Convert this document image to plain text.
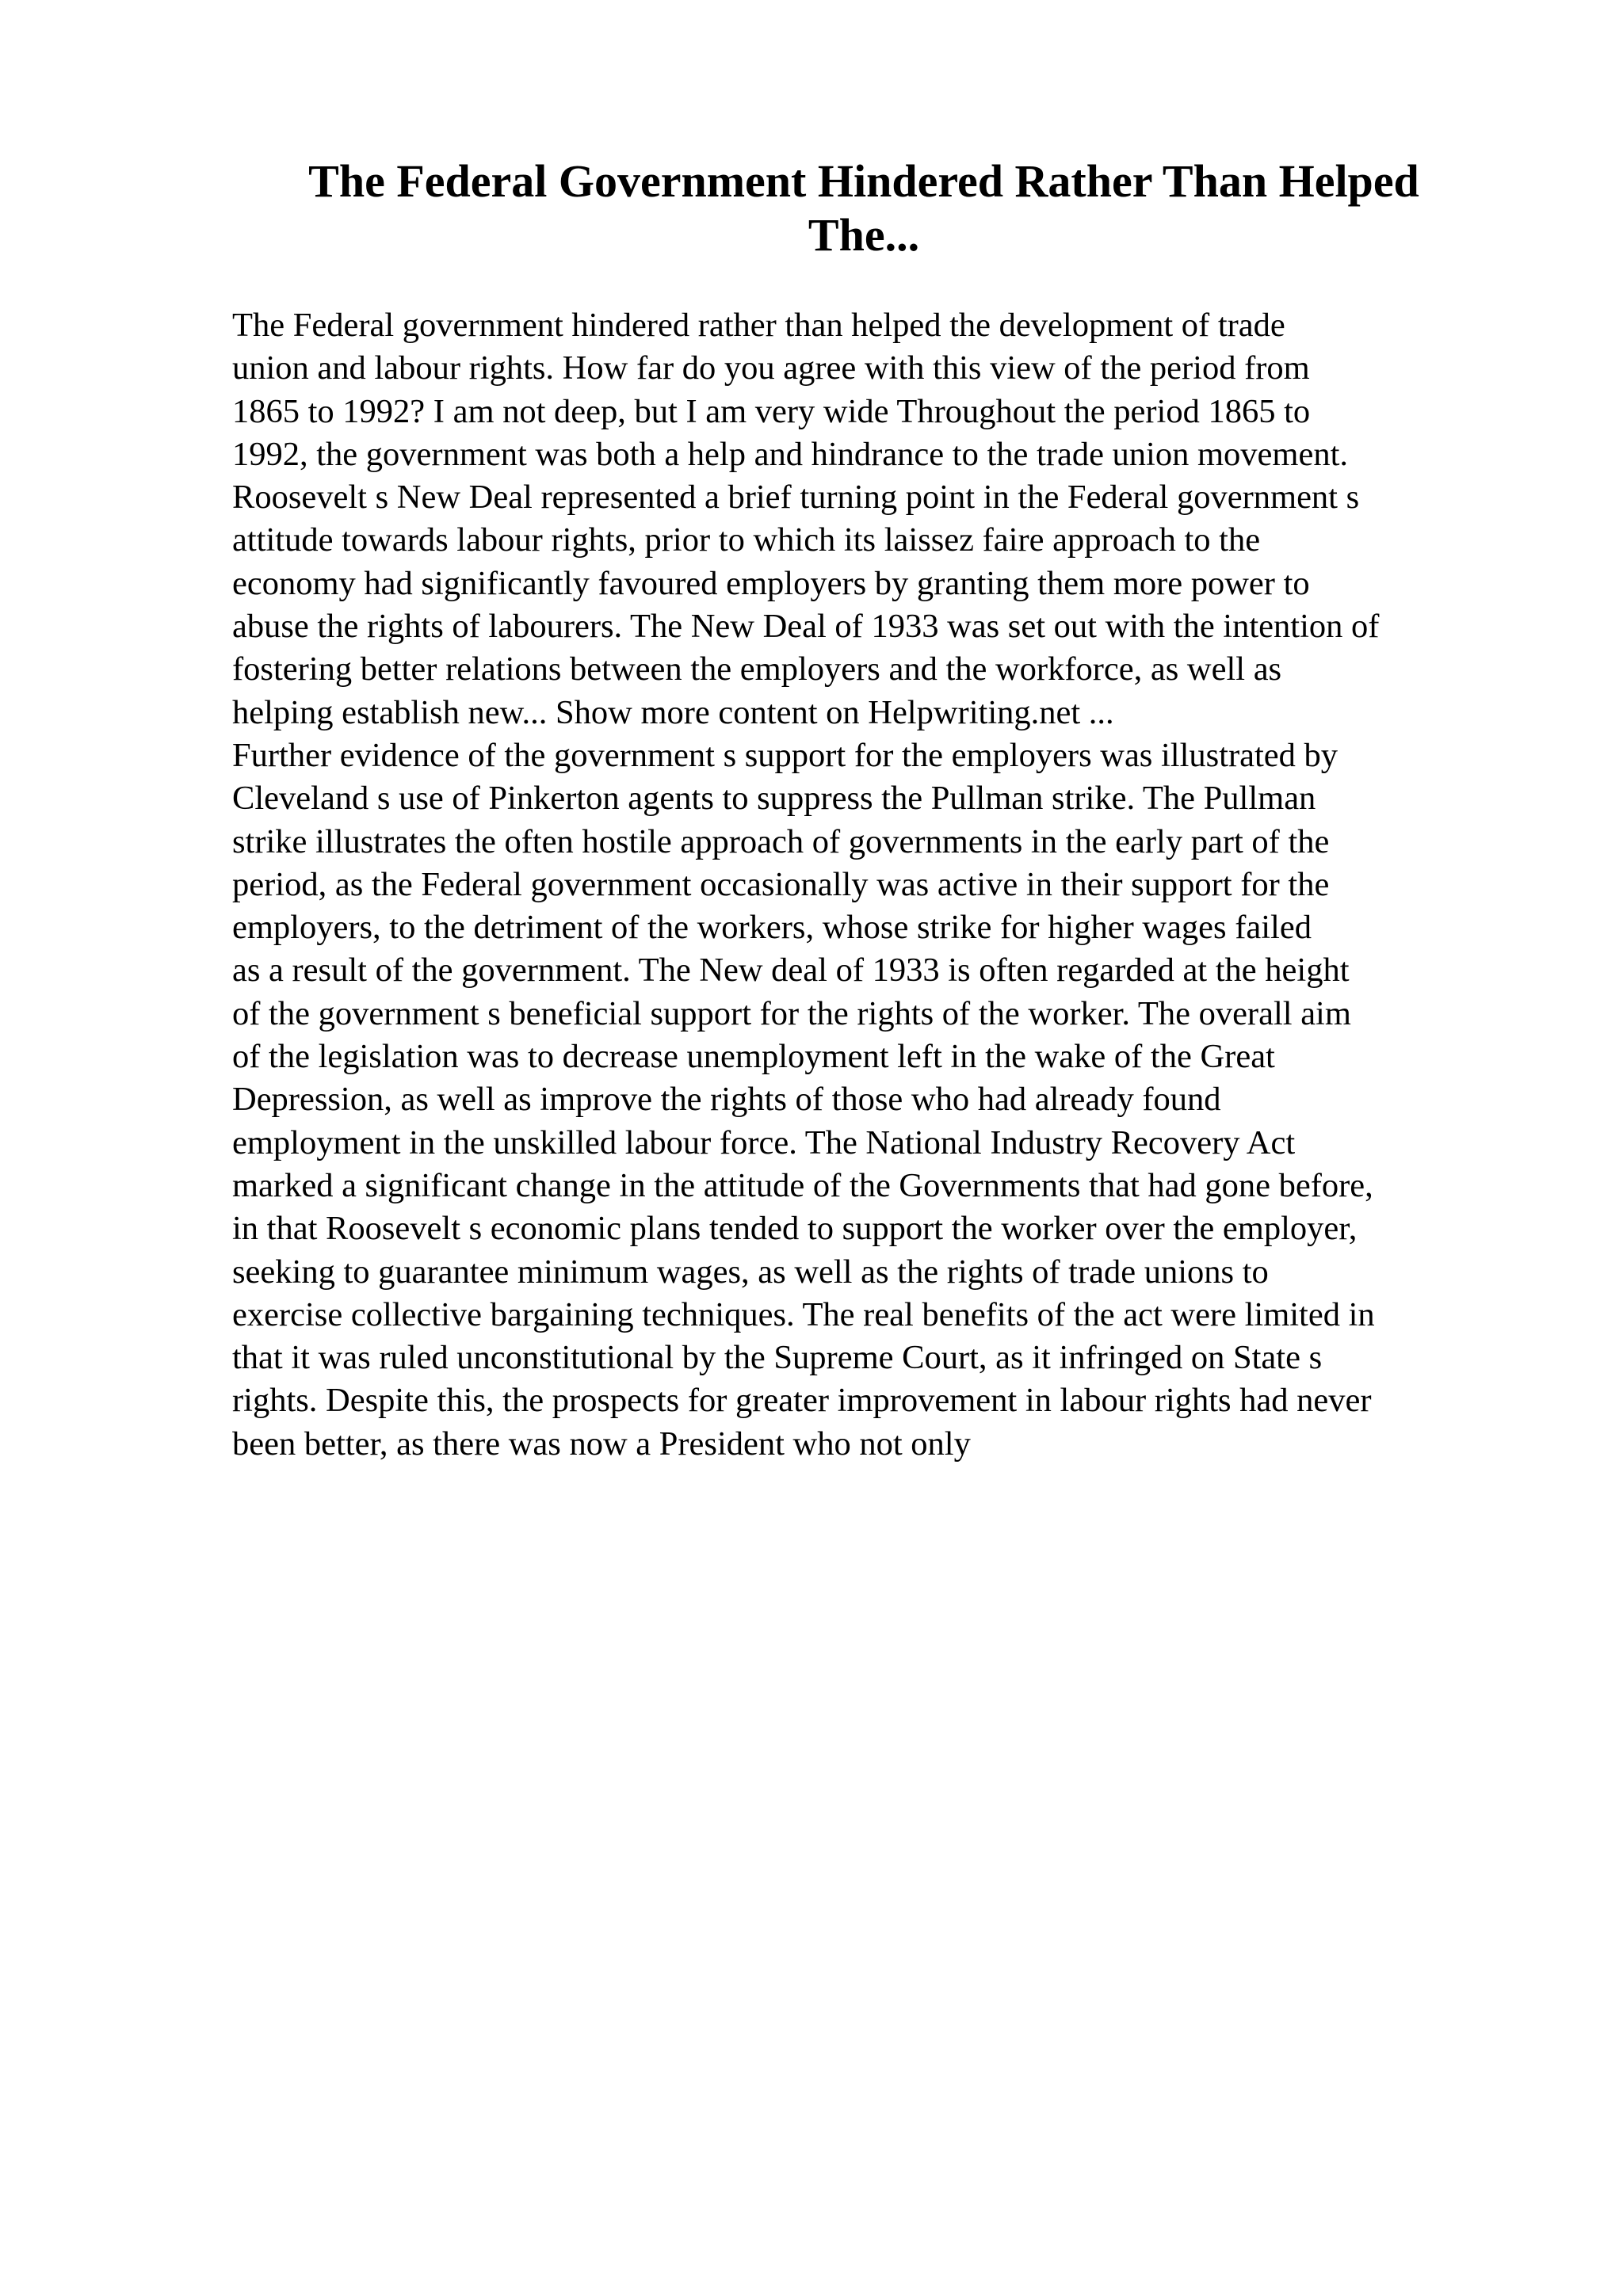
The Federal Government Hindered Rather Than Helped
The...
The Federal government hindered rather than helped the development of trade
union and labour rights. How far do you agree with this view of the period from
1865 to 1992? I am not deep, but I am very wide Throughout the period 1865 to
1992, the government was both a help and hindrance to the trade union movement.
Roosevelt s New Deal represented a brief turning point in the Federal government s
attitude towards labour rights, prior to which its laissez faire approach to the
economy had significantly favoured employers by granting them more power to
abuse the rights of labourers. The New Deal of 1933 was set out with the intention of
fostering better relations between the employers and the workforce, as well as
helping establish new... Show more content on Helpwriting.net ...
Further evidence of the government s support for the employers was illustrated by
Cleveland s use of Pinkerton agents to suppress the Pullman strike. The Pullman
strike illustrates the often hostile approach of governments in the early part of the
period, as the Federal government occasionally was active in their support for the
employers, to the detriment of the workers, whose strike for higher wages failed
as a result of the government. The New deal of 1933 is often regarded at the height
of the government s beneficial support for the rights of the worker. The overall aim
of the legislation was to decrease unemployment left in the wake of the Great
Depression, as well as improve the rights of those who had already found
employment in the unskilled labour force. The National Industry Recovery Act
marked a significant change in the attitude of the Governments that had gone before,
in that Roosevelt s economic plans tended to support the worker over the employer,
seeking to guarantee minimum wages, as well as the rights of trade unions to
exercise collective bargaining techniques. The real benefits of the act were limited in
that it was ruled unconstitutional by the Supreme Court, as it infringed on State s
rights. Despite this, the prospects for greater improvement in labour rights had never
been better, as there was now a President who not only
